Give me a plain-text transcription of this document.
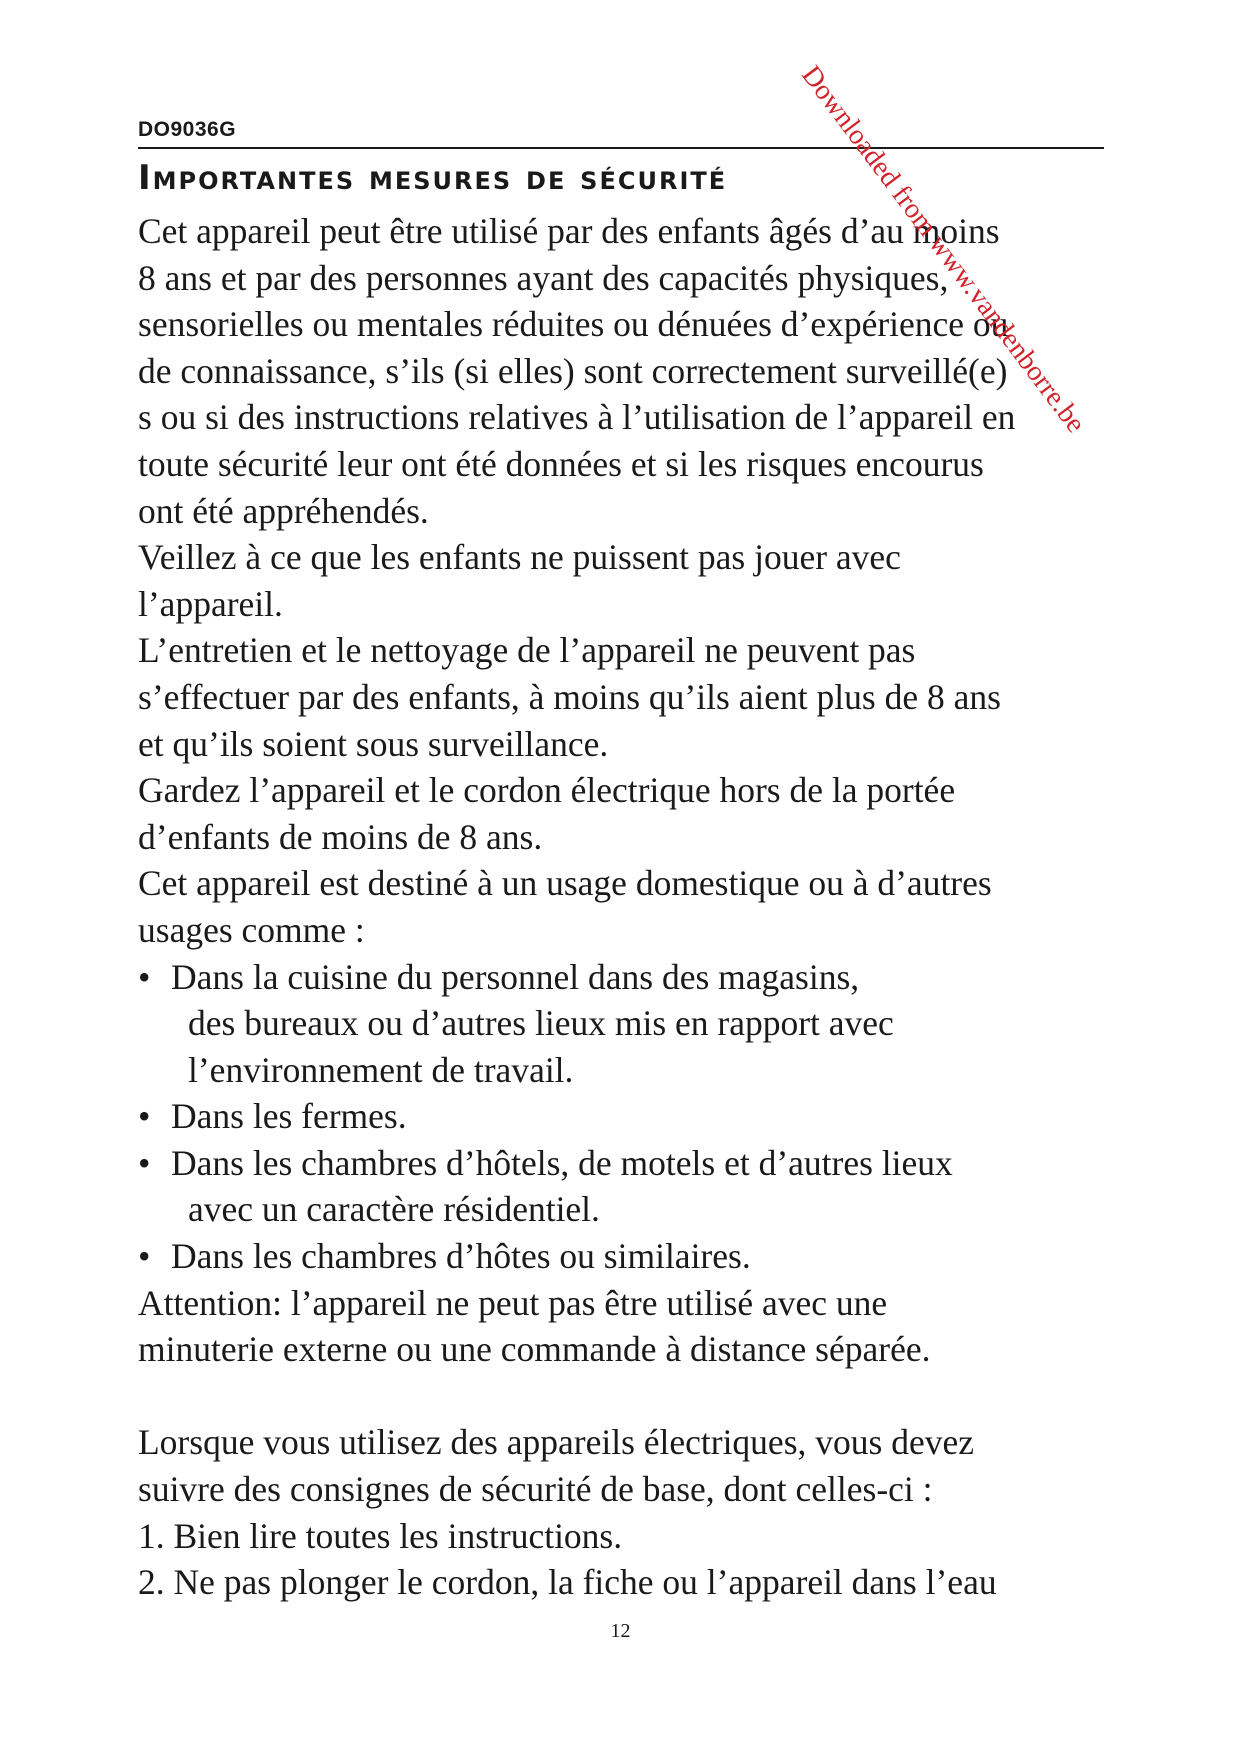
DO9036G
Importantes mesures de sécurité
Cet appareil peut être utilisé par des enfants âgés d’au moins
8 ans et par des personnes ayant des capacités physiques,
sensorielles ou mentales réduites ou dénuées d’expérience ou
de connaissance, s’ils (si elles) sont correctement surveillé(e)
s ou si des instructions relatives à l’utilisation de l’appareil en
toute sécurité leur ont été données et si les risques encourus
ont été appréhendés.
Veillez à ce que les enfants ne puissent pas jouer avec
l’appareil.
L’entretien et le nettoyage de l’appareil ne peuvent pas
s’effectuer par des enfants, à moins qu’ils aient plus de 8 ans
et qu’ils soient sous surveillance.
Gardez l’appareil et le cordon électrique hors de la portée
d’enfants de moins de 8 ans.
Cet appareil est destiné à un usage domestique ou à d’autres
usages comme :
• Dans la cuisine du personnel dans des magasins,
des bureaux ou d’autres lieux mis en rapport avec
l’environnement de travail.
• Dans les fermes.
• Dans les chambres d’hôtels, de motels et d’autres lieux
avec un caractère résidentiel.
• Dans les chambres d’hôtes ou similaires.
Attention: l’appareil ne peut pas être utilisé avec une
minuterie externe ou une commande à distance séparée.
Lorsque vous utilisez des appareils électriques, vous devez
suivre des consignes de sécurité de base, dont celles-ci :
1. Bien lire toutes les instructions.
2. Ne pas plonger le cordon, la fiche ou l’appareil dans l’eau
12
Downloaded from www.vandenborre.be
